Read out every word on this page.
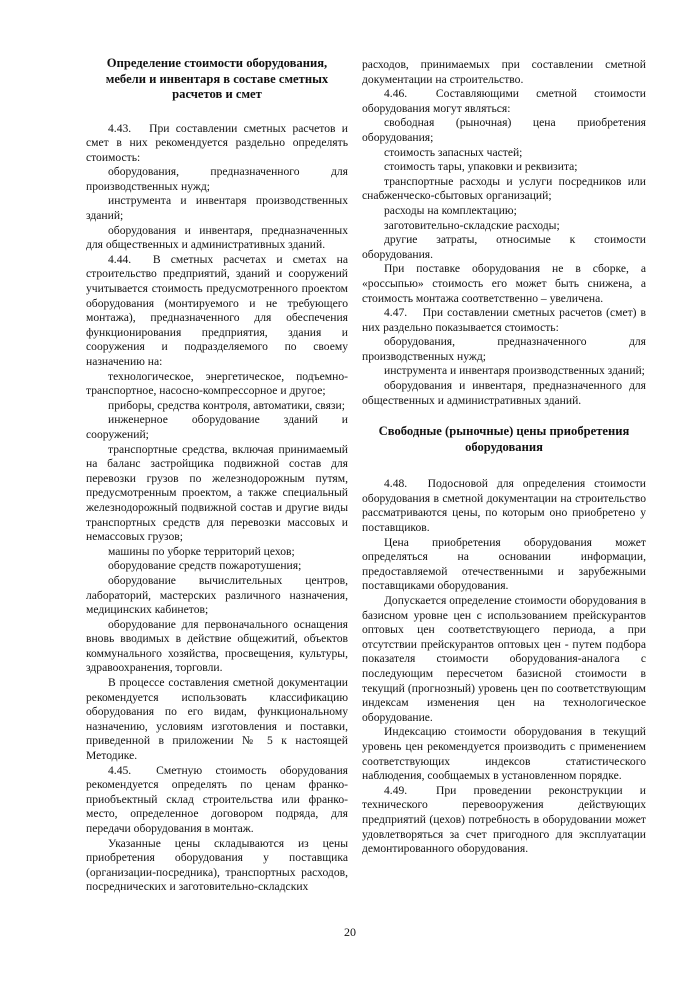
Определение стоимости оборудования, мебели и инвентаря в составе сметных расчетов и смет

4.43.  При составлении сметных расчетов и смет в них рекомендуется раздельно определять стоимость:

оборудования, предназначенного для производственных нужд;

инструмента и инвентаря производственных зданий;

оборудования и инвентаря, предназначенных для общественных и административных зданий.

4.44.  В сметных расчетах и сметах на строительство предприятий, зданий и сооружений учитывается стоимость предусмотренного проектом оборудования (монтируемого и не требующего монтажа), предназначенного для обеспечения функционирования предприятия, здания и сооружения и подразделяемого по своему назначению на:

технологическое, энергетическое, подъемно-транспортное, насосно-компрессорное и другое;

приборы, средства контроля, автоматики, связи;

инженерное оборудование зданий и сооружений;

транспортные средства, включая принимаемый на баланс застройщика подвижной состав для перевозки грузов по железнодорожным путям, предусмотренным проектом, а также специальный железнодорожный подвижной состав и другие виды транспортных средств для перевозки массовых и немассовых грузов;

машины по уборке территорий цехов;

оборудование средств пожаротушения;

оборудование вычислительных центров, лабораторий, мастерских различного назначения, медицинских кабинетов;

оборудование для первоначального оснащения вновь вводимых в действие общежитий, объектов коммунального хозяйства, просвещения, культуры, здравоохранения, торговли.

В процессе составления сметной документации рекомендуется использовать классификацию оборудования по его видам, функциональному назначению, условиям изготовления и поставки, приведенной в приложении № 5 к настоящей Методике.

4.45.  Сметную стоимость оборудования рекомендуется определять по ценам франко-приобъектный склад строительства или франко-место, определенное договором подряда, для передачи оборудования в монтаж.

Указанные цены складываются из цены приобретения оборудования у поставщика (организации-посредника), транспортных расходов, посреднических и заготовительно-складских

расходов, принимаемых при составлении сметной документации на строительство.

4.46.  Составляющими сметной стоимости оборудования могут являться:

свободная (рыночная) цена приобретения оборудования;

стоимость запасных частей;

стоимость тары, упаковки и реквизита;

транспортные расходы и услуги посредников или снабженческо-сбытовых организаций;

расходы на комплектацию;

заготовительно-складские расходы;

другие затраты, относимые к стоимости оборудования.

При поставке оборудования не в сборке, а «россыпью» стоимость его может быть снижена, а стоимость монтажа соответственно – увеличена.

4.47.  При составлении сметных расчетов (смет) в них раздельно показывается стоимость:

оборудования, предназначенного для производственных нужд;

инструмента и инвентаря производственных зданий;

оборудования и инвентаря, предназначенного для общественных и административных зданий.

Свободные (рыночные) цены приобретения оборудования

4.48.  Подосновой для определения стоимости оборудования в сметной документации на строительство рассматриваются цены, по которым оно приобретено у поставщиков.

Цена приобретения оборудования может определяться на основании информации, предоставляемой отечественными и зарубежными поставщиками оборудования.

Допускается определение стоимости оборудования в базисном уровне цен с использованием прейскурантов оптовых цен соответствующего периода, а при отсутствии прейскурантов оптовых цен - путем подбора показателя стоимости оборудования-аналога с последующим пересчетом базисной стоимости в текущий (прогнозный) уровень цен по соответствующим индексам изменения цен на технологическое оборудование.

Индексацию стоимости оборудования в текущий уровень цен рекомендуется производить с применением соответствующих индексов статистического наблюдения, сообщаемых в установленном порядке.

4.49.  При проведении реконструкции и технического перевооружения действующих предприятий (цехов) потребность в оборудовании может удовлетворяться за счет пригодного для эксплуатации демонтированного оборудования.

20
